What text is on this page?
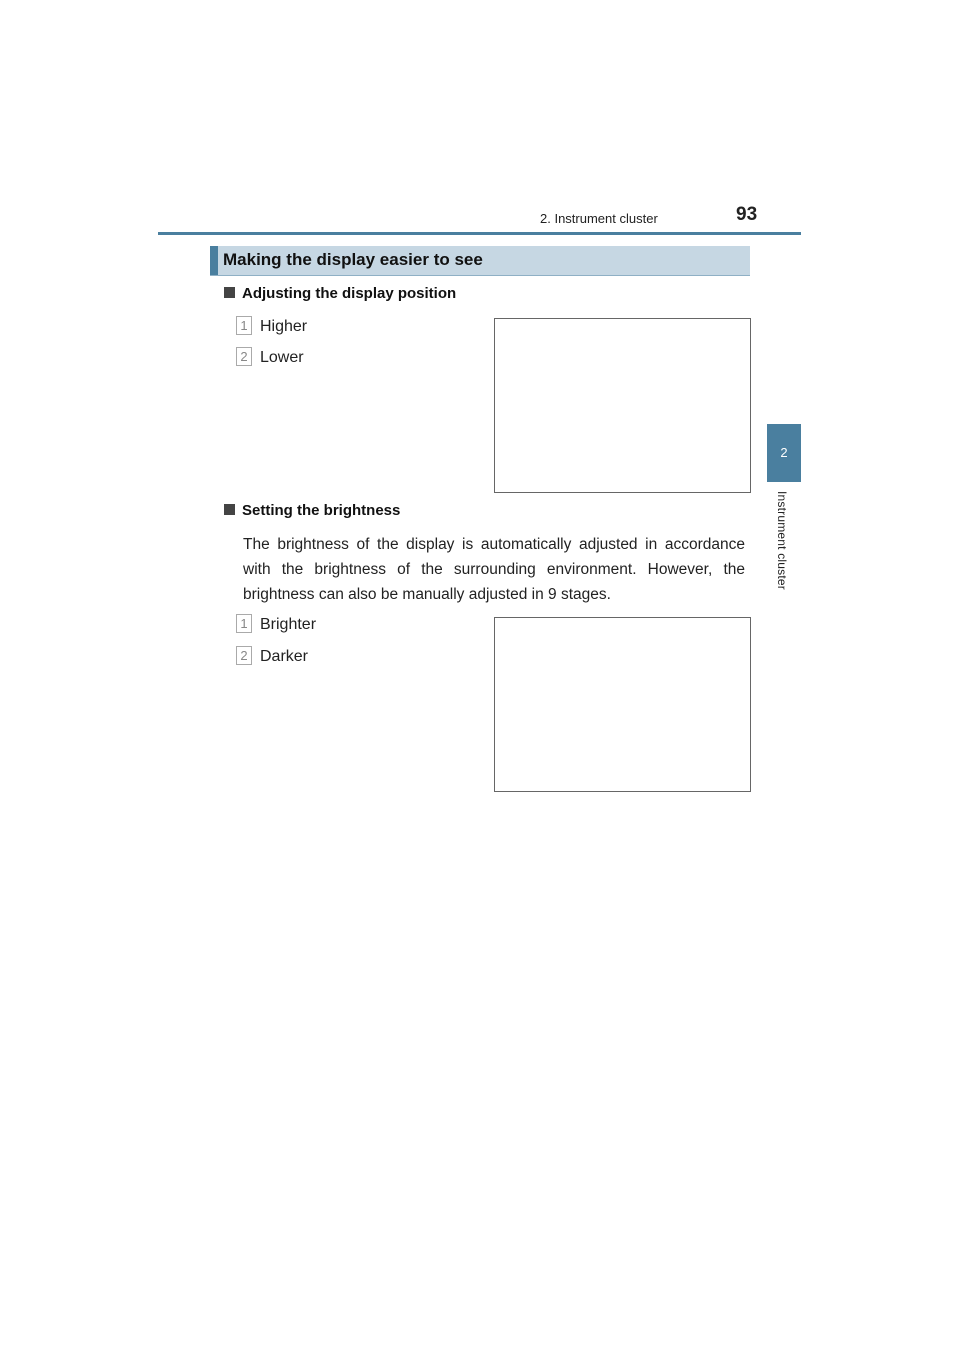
2. Instrument cluster	93
2
Instrument cluster
Making the display easier to see
Adjusting the display position
1 Higher
2 Lower
Setting the brightness
The brightness of the display is automatically adjusted in accordance with the brightness of the surrounding environment. However, the brightness can also be manually adjusted in 9 stages.
1 Brighter
2 Darker
